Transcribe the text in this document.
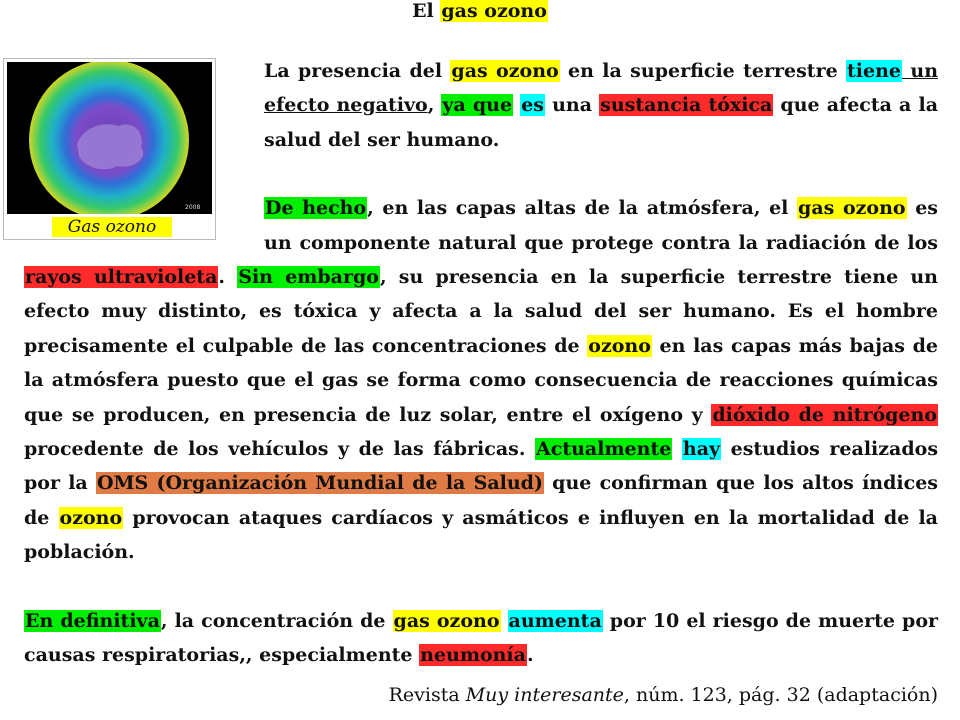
El gas ozono
2008
Gas ozono

La presencia del gas ozono en la superficie terrestre tiene un efecto negativo, ya que es una sustancia tóxica que afecta a la salud del ser humano.

De hecho, en las capas altas de la atmósfera, el gas ozono es un componente natural que protege contra la radiación de los rayos ultravioleta. Sin embargo, su presencia en la superficie terrestre tiene un efecto muy distinto, es tóxica y afecta a la salud del ser humano. Es el hombre precisamente el culpable de las concentraciones de ozono en las capas más bajas de la atmósfera puesto que el gas se forma como consecuencia de reacciones químicas que se producen, en presencia de luz solar, entre el oxígeno y dióxido de nitrógeno procedente de los vehículos y de las fábricas. Actualmente hay estudios realizados por la OMS (Organización Mundial de la Salud) que confirman que los altos índices de ozono provocan ataques cardíacos y asmáticos e influyen en la mortalidad de la población.

En definitiva, la concentración de gas ozono aumenta por 10 el riesgo de muerte por causas respiratorias,, especialmente neumonía.

Revista Muy interesante, núm. 123, pág. 32 (adaptación)
